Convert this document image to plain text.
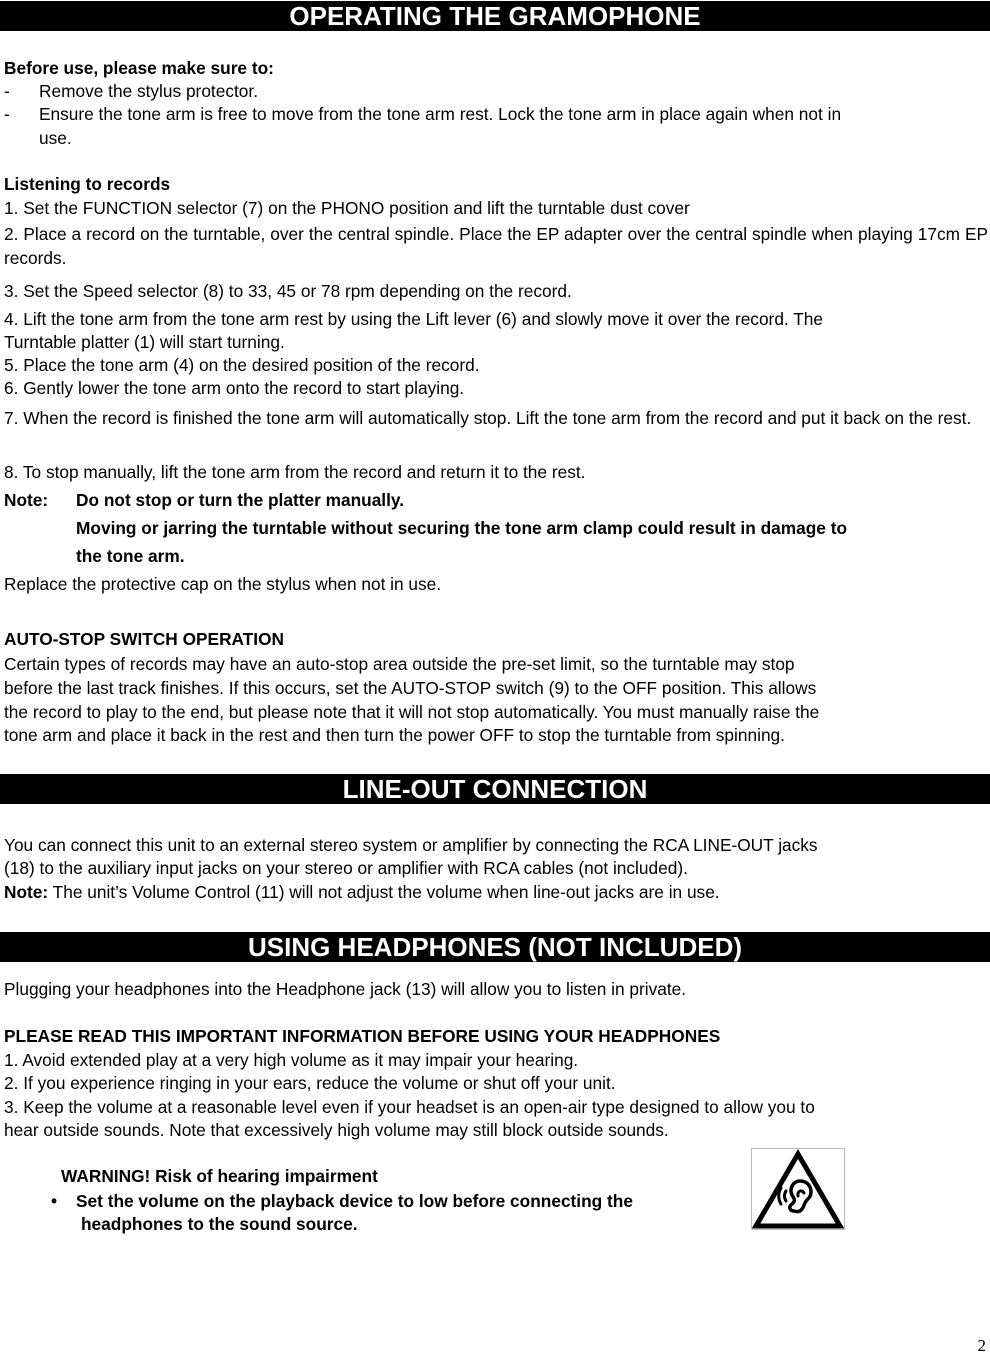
OPERATING THE GRAMOPHONE
Before use, please make sure to:
- Remove the stylus protector.
- Ensure the tone arm is free to move from the tone arm rest. Lock the tone arm in place again when not in
use.
Listening to records
1. Set the FUNCTION selector (7) on the PHONO position and lift the turntable dust cover
2. Place a record on the turntable, over the central spindle. Place the EP adapter over the central spindle when playing 17cm EP records.
3. Set the Speed selector (8) to 33, 45 or 78 rpm depending on the record.
4. Lift the tone arm from the tone arm rest by using the Lift lever (6) and slowly move it over the record. The
Turntable platter (1) will start turning.
5. Place the tone arm (4) on the desired position of the record.
6. Gently lower the tone arm onto the record to start playing.
7. When the record is finished the tone arm will automatically stop. Lift the tone arm from the record and put it back on the rest.
8. To stop manually, lift the tone arm from the record and return it to the rest.
Note: Do not stop or turn the platter manually.
Moving or jarring the turntable without securing the tone arm clamp could result in damage to
the tone arm.
Replace the protective cap on the stylus when not in use.
AUTO-STOP SWITCH OPERATION
Certain types of records may have an auto-stop area outside the pre-set limit, so the turntable may stop
before the last track finishes. If this occurs, set the AUTO-STOP switch (9) to the OFF position. This allows
the record to play to the end, but please note that it will not stop automatically. You must manually raise the
tone arm and place it back in the rest and then turn the power OFF to stop the turntable from spinning.
LINE-OUT CONNECTION
You can connect this unit to an external stereo system or amplifier by connecting the RCA LINE-OUT jacks
(18) to the auxiliary input jacks on your stereo or amplifier with RCA cables (not included).
Note: The unit’s Volume Control (11) will not adjust the volume when line-out jacks are in use.
USING HEADPHONES (NOT INCLUDED)
Plugging your headphones into the Headphone jack (13) will allow you to listen in private.
PLEASE READ THIS IMPORTANT INFORMATION BEFORE USING YOUR HEADPHONES
1. Avoid extended play at a very high volume as it may impair your hearing.
2. If you experience ringing in your ears, reduce the volume or shut off your unit.
3. Keep the volume at a reasonable level even if your headset is an open-air type designed to allow you to
hear outside sounds. Note that excessively high volume may still block outside sounds.
WARNING! Risk of hearing impairment
• Set the volume on the playback device to low before connecting the
headphones to the sound source.
2
